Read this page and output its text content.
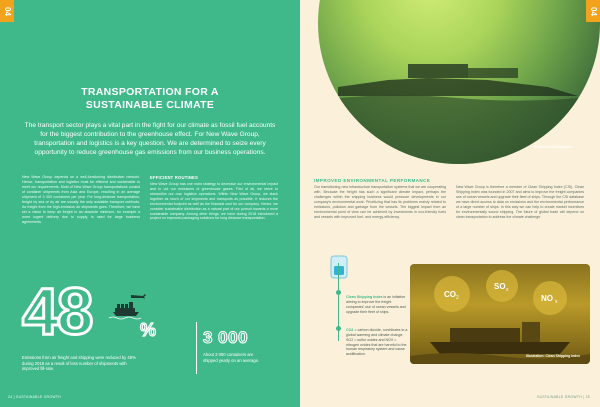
04
TRANSPORTATION FOR A
SUSTAINABLE CLIMATE

The transport sector plays a vital part in the fight for our climate as fossil fuel accounts for the biggest contribution to the greenhouse effect. For New Wave Group, transportation and logistics is a key question. We are determined to seize every opportunity to reduce greenhouse gas emissions from our business operations.

New Wave Group depends on a well-functioning distribution network. Hence, transportation and logistics must be efficient and sustainable to meet our requirements. Most of New Wave Group transportations consist of container shipments from Asia and Europe, resulting in an average shipment of 3 000 containers per year. For long-distance transportation, freight by sea or by air are usually the only available transport methods. As freight from the high-emission air shipments goes. Therefore, we have set a vision to keep air freight to an absolute minimum, for example a more urgent delivery due to supply, is used for large business agreements.

EFFICIENT ROUTINES

New Wave Group has one main strategy to decrease our environmental impact and to cut our emissions of greenhouse gases. First of all, we strive to streamline our own logistics operations. Within New Wave Group, we stack together as much of our shipments and transports as possible. It reduces the environmental footprint as well as the financial cost for our company. Hence, we consider sustainable distribution as a natural part of our pursuit towards a more sustainable company. Among other things, we have during 2018 introduced a project on improved packaging solutions for long distance transportation.

48	%	3 000

Emissions from air freight and shipping were reduced by 48% during 2018 as a result of less number of shipments with improved fill-rate.

About 3 000 containers are shipped yearly on an average.

24 | SUSTAINABLE GROWTH
Photo: NewCo/Wallquist
04
IMPROVED ENVIRONMENTAL PERFORMANCE

Our transitioning new infrastructure transportation systems that we are cooperating with. Because the freight has such a significant climate impact, perhaps the challenges within the shipping business would pressure developments in our company's environmental work. Prioritizing that has its problems mainly related to emissions, pollution and garbage from the vessels. The biggest impact from an environmental point of view can be achieved by investments in eco-friendly fuels and vessels with improved fuel- and energy-efficiency.

New Wave Group is therefore a member of Clean Shipping Index (CSI). Clean Shipping Index was founded in 2007 and aims to improve the freight companies use of ocean vessels and upgrade their fleet of ships. Through the CSI database we have direct access to data on emissions and the environmental performance of a large number of ships. In this way we can help to create market incentives for environmentally sound shipping. The future of global trade will depend on clean transportation to address the climate challenge.

Clean Shipping Index is an initiative aiming to improve the freight companies' use of ocean vessels and upgrade their fleet of ships.

CO2 = carbon dioxide, contributes to a global warming and climate change. SO2 = sulfur oxides and NOX = nitrogen oxides that are harmful to the human respiratory system and cause acidification.

CO 2
SO x
NO x
Illustration: Clean Shipping Index
SUSTAINABLE GROWTH | 25
